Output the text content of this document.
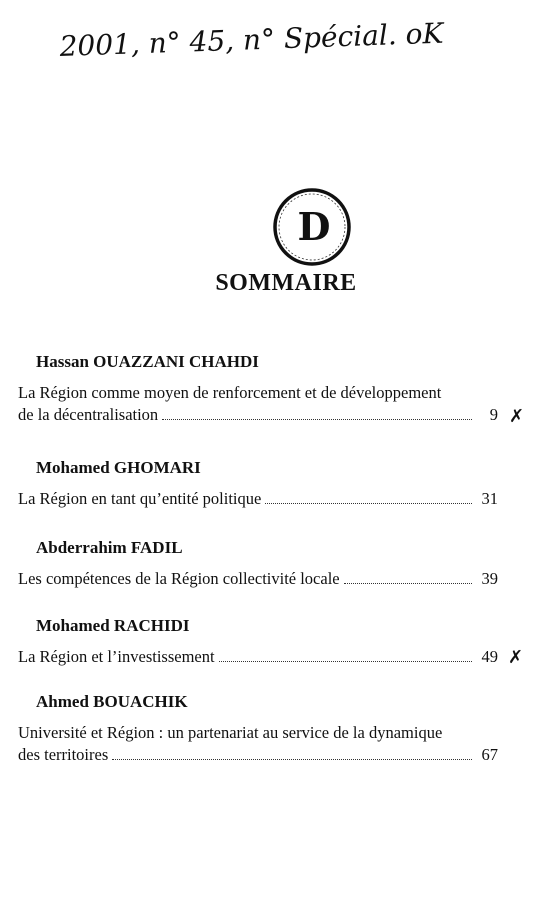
2001, n° 45, n° Spécial. oK
D
SOMMAIRE
Hassan OUAZZANI CHAHDI
La Région comme moyen de renforcement et de développement
de la décentralisation	9
Mohamed GHOMARI
La Région en tant qu’entité politique	31
Abderrahim FADIL
Les compétences de la Région collectivité locale	39
Mohamed RACHIDI
La Région et l’investissement	49
Ahmed BOUACHIK
Université et Région : un partenariat au service de la dynamique
des territoires	67
✗
✗
